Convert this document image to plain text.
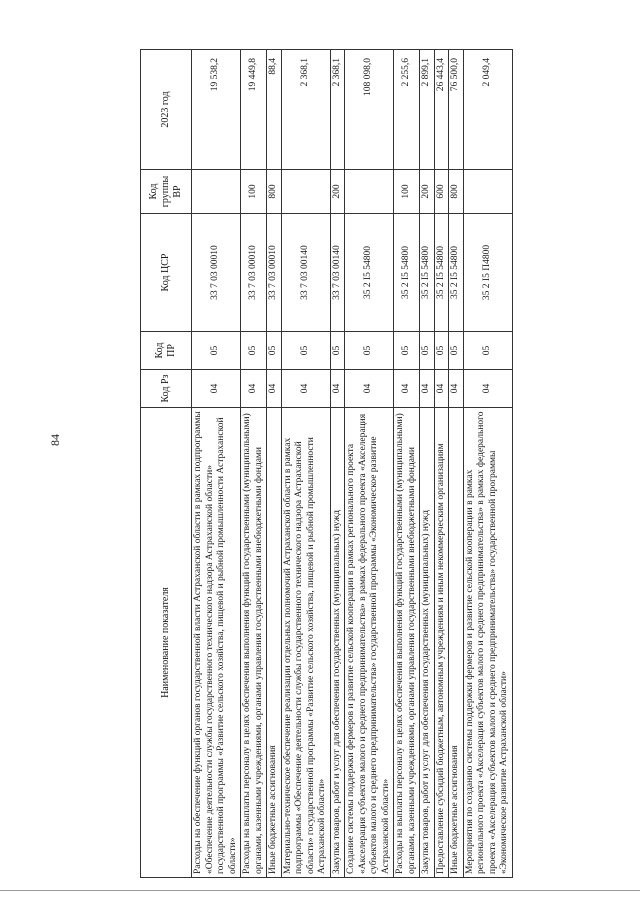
84
Наименование показателя	Код Рз	Код ПР	Код ЦСР	Код группы ВР	2023 год
Расходы на обеспечение функций органов государственной власти Астраханской области в рамках подпрограммы «Обеспечение деятельности службы государственного технического надзора Астраханской области» государственной программы «Развитие сельского хозяйства, пищевой и рыбной промышленности Астраханской области»	04	05	33 7 03 00010		19 538,2
Расходы на выплаты персоналу в целях обеспечения выполнения функций государственными (муниципальными) органами, казенными учреждениями, органами управления государственными внебюджетными фондами	04	05	33 7 03 00010	100	19 449,8
Иные бюджетные ассигнования	04	05	33 7 03 00010	800	88,4
Материально-техническое обеспечение реализации отдельных полномочий Астраханской области в рамках подпрограммы «Обеспечение деятельности службы государственного технического надзора Астраханской области» государственной программы «Развитие сельского хозяйства, пищевой и рыбной промышленности Астраханской области»	04	05	33 7 03 00140		2 368,1
Закупка товаров, работ и услуг для обеспечения государственных (муниципальных) нужд	04	05	33 7 03 00140	200	2 368,1
Создание системы поддержки фермеров и развитие сельской кооперации в рамках регионального проекта «Акселерация субъектов малого и среднего предпринимательства» в рамках федерального проекта «Акселерация субъектов малого и среднего предпринимательства» государственной программы «Экономическое развитие Астраханской области»	04	05	35 2 I5 54800		108 098,0
Расходы на выплаты персоналу в целях обеспечения выполнения функций государственными (муниципальными) органами, казенными учреждениями, органами управления государственными внебюджетными фондами	04	05	35 2 I5 54800	100	2 255,6
Закупка товаров, работ и услуг для обеспечения государственных (муниципальных) нужд	04	05	35 2 I5 54800	200	2 899,1
Предоставление субсидий бюджетным, автономным учреждениям и иным некоммерческим организациям	04	05	35 2 I5 54800	600	26 443,4
Иные бюджетные ассигнования	04	05	35 2 I5 54800	800	76 500,0
Мероприятия по созданию системы поддержки фермеров и развитие сельской кооперации в рамках регионального проекта «Акселерация субъектов малого и среднего предпринимательства» в рамках федерального проекта «Акселерация субъектов малого и среднего предпринимательства» государственной программы «Экономическое развитие Астраханской области»	04	05	35 2 I5 П4800		2 049,4
